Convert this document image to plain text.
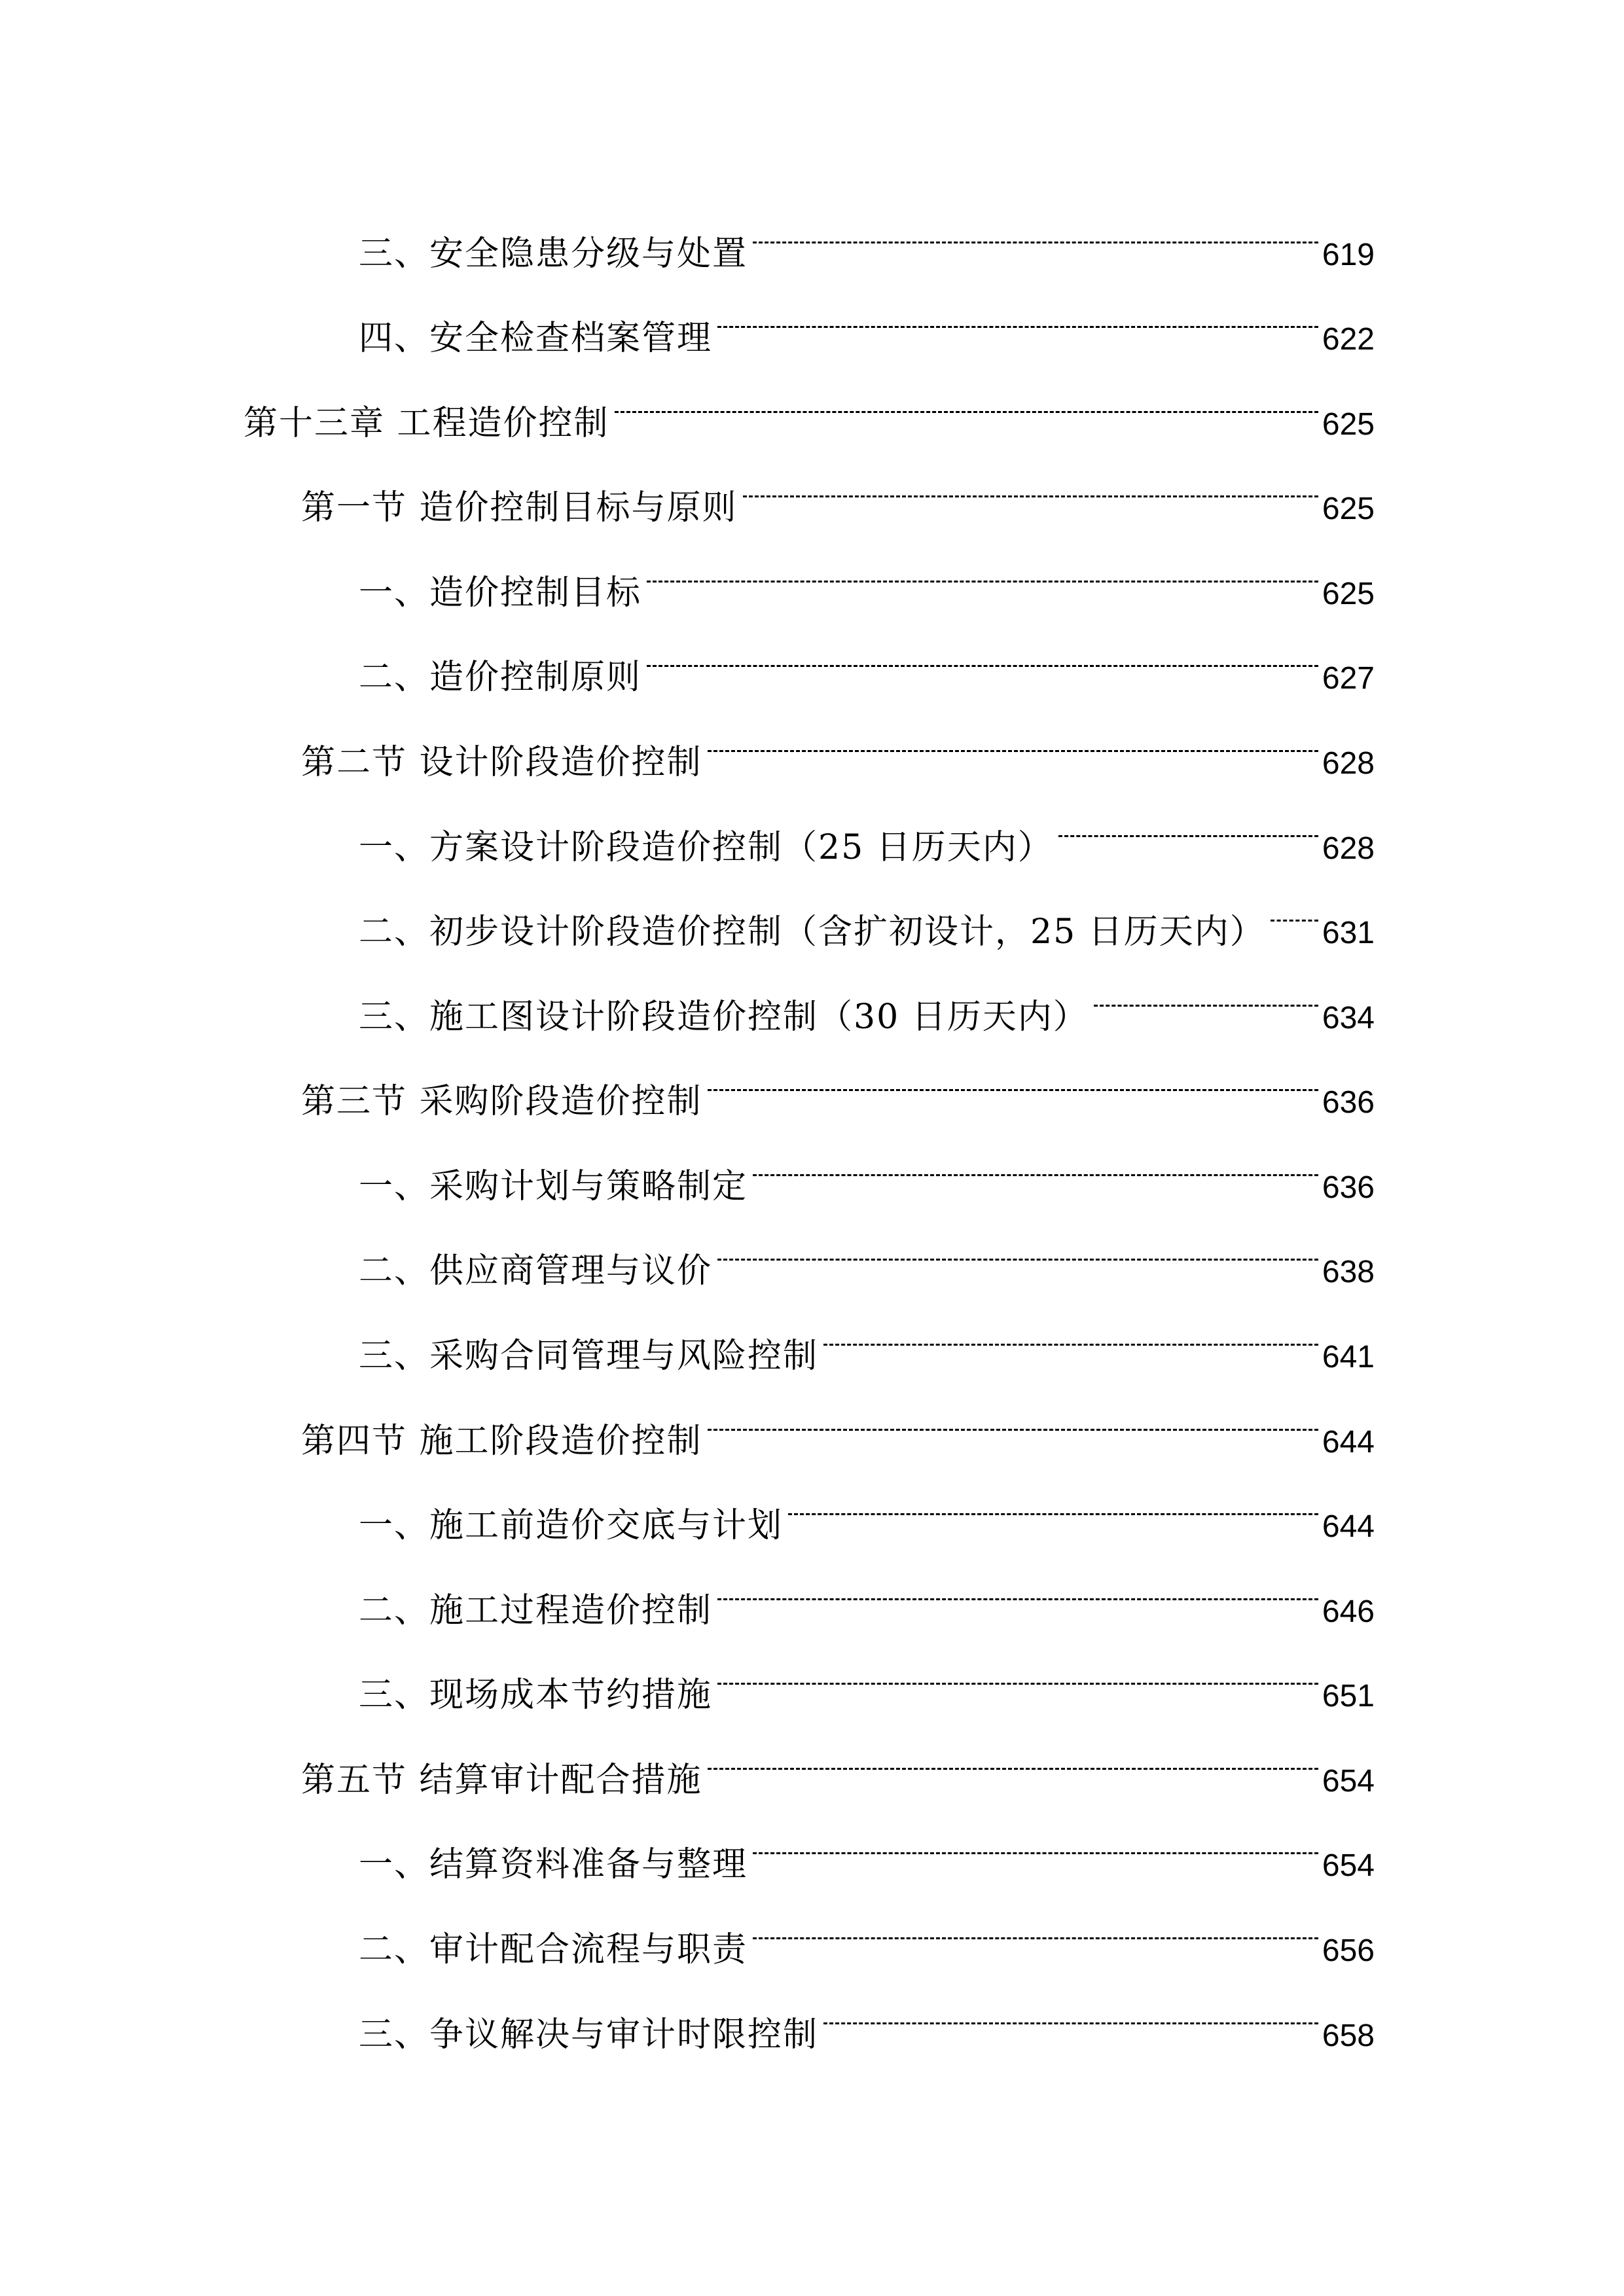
三、安全隐患分级与处置	619
四、安全检查档案管理	622
第十三章 工程造价控制	625
第一节 造价控制目标与原则	625
一、造价控制目标	625
二、造价控制原则	627
第二节 设计阶段造价控制	628
一、方案设计阶段造价控制（25 日历天内）	628
二、初步设计阶段造价控制（含扩初设计，25 日历天内） 631
三、施工图设计阶段造价控制（30 日历天内）	634
第三节 采购阶段造价控制	636
一、采购计划与策略制定	636
二、供应商管理与议价	638
三、采购合同管理与风险控制	641
第四节 施工阶段造价控制	644
一、施工前造价交底与计划	644
二、施工过程造价控制	646
三、现场成本节约措施	651
第五节 结算审计配合措施	654
一、结算资料准备与整理	654
二、审计配合流程与职责	656
三、争议解决与审计时限控制	658
